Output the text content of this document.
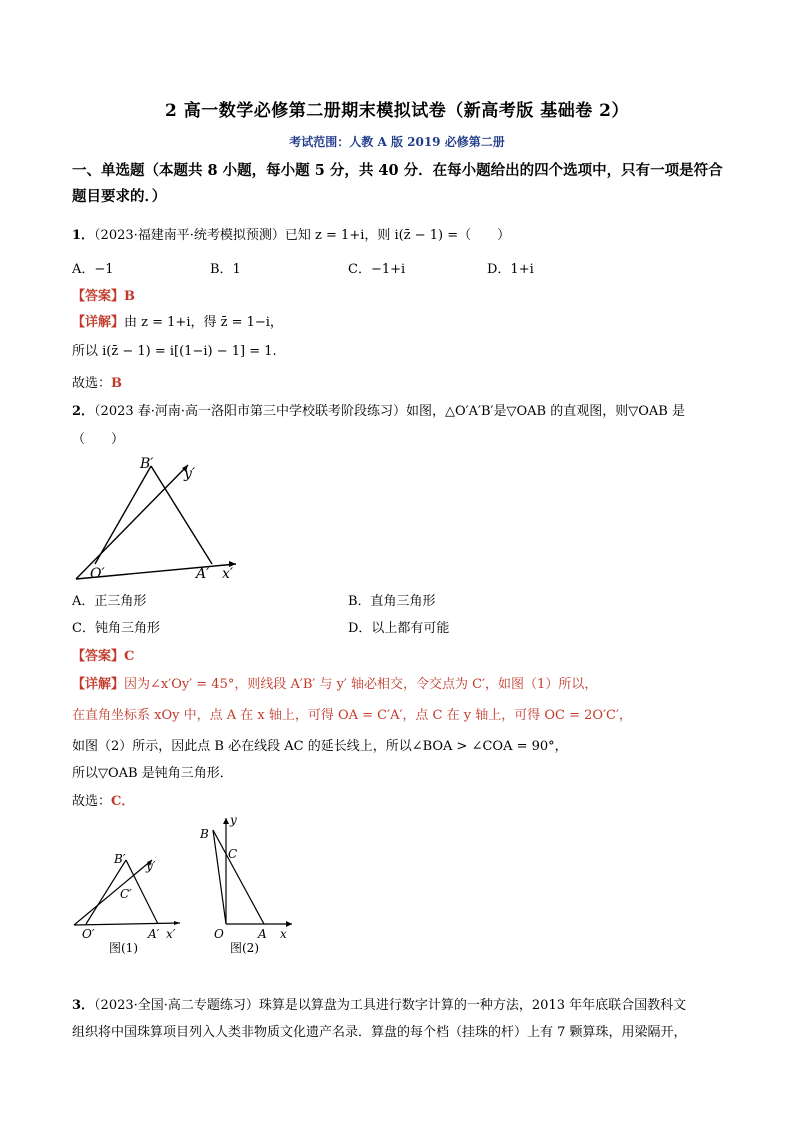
2 高一数学必修第二册期末模拟试卷（新高考版 基础卷 2）
考试范围：人教 A 版 2019 必修第二册
一、单选题（本题共 8 小题，每小题 5 分，共 40 分．在每小题给出的四个选项中，只有一项是符合题目要求的．）
1．（2023·福建南平·统考模拟预测）已知 z = 1+i，则 i(z̄ − 1) =（　　）
A．−1	B．1	C．−1+i	D．1+i
【答案】B
【详解】由 z = 1+i，得 z̄ = 1−i，
所以 i(z̄ − 1) = i[(1−i) − 1] = 1.
故选：B
2．（2023 春·河南·高一洛阳市第三中学校联考阶段练习）如图，△O′A′B′是▽OAB 的直观图，则▽OAB 是
（　　）
B′
y′
O′	A′ x′
A．正三角形	B．直角三角形
C．钝角三角形	D．以上都有可能
【答案】C
【详解】因为∠x′Oy′ = 45°，则线段 A′B′ 与 y′ 轴必相交，令交点为 C′，如图（1）所以，
在直角坐标系 xOy 中，点 A 在 x 轴上，可得 OA = C′A′，点 C 在 y 轴上，可得 OC = 2O′C′，
如图（2）所示，因此点 B 必在线段 AC 的延长线上，所以∠BOA > ∠COA = 90°，
所以▽OAB 是钝角三角形．
故选：C．
B′ y′
C′
O′	A′ x′
图(1)
y
B
C
O	A x
图(2)
3．（2023·全国·高二专题练习）珠算是以算盘为工具进行数字计算的一种方法，2013 年年底联合国教科文
组织将中国珠算项目列入人类非物质文化遗产名录．算盘的每个档（挂珠的杆）上有 7 颗算珠，用梁隔开，
